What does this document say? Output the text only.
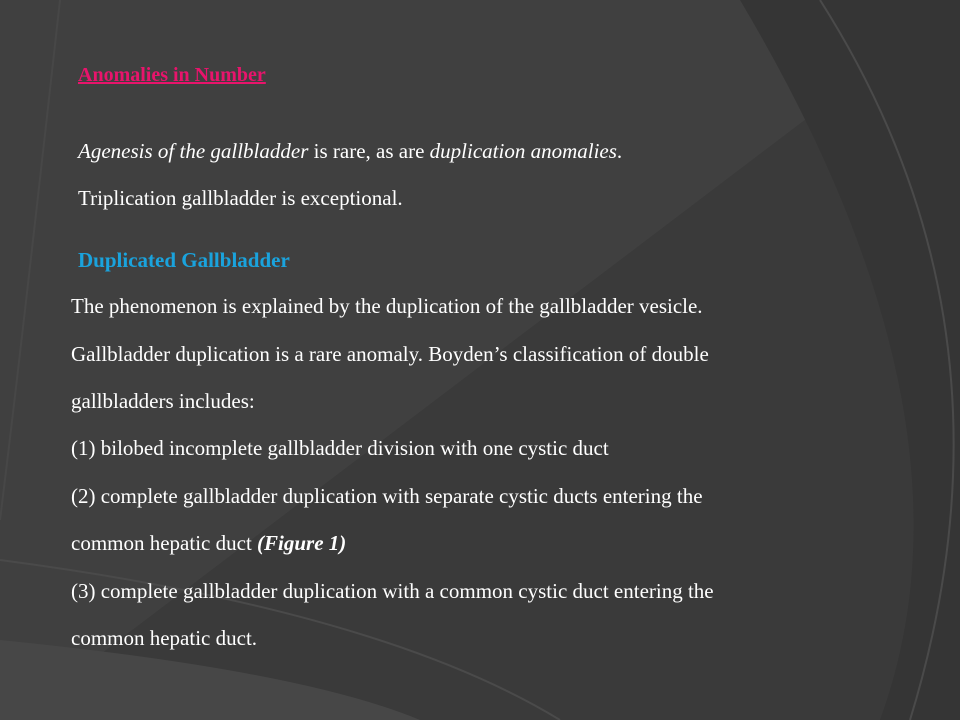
Anomalies in Number
Agenesis of the gallbladder is rare, as are duplication anomalies.
Triplication gallbladder is exceptional.
Duplicated Gallbladder
The phenomenon is explained by the duplication of the gallbladder vesicle.
Gallbladder duplication is a rare anomaly. Boyden’s classification of double
gallbladders includes:
(1) bilobed incomplete gallbladder division with one cystic duct
(2) complete gallbladder duplication with separate cystic ducts entering the
common hepatic duct (Figure 1)
(3) complete gallbladder duplication with a common cystic duct entering the
common hepatic duct.
